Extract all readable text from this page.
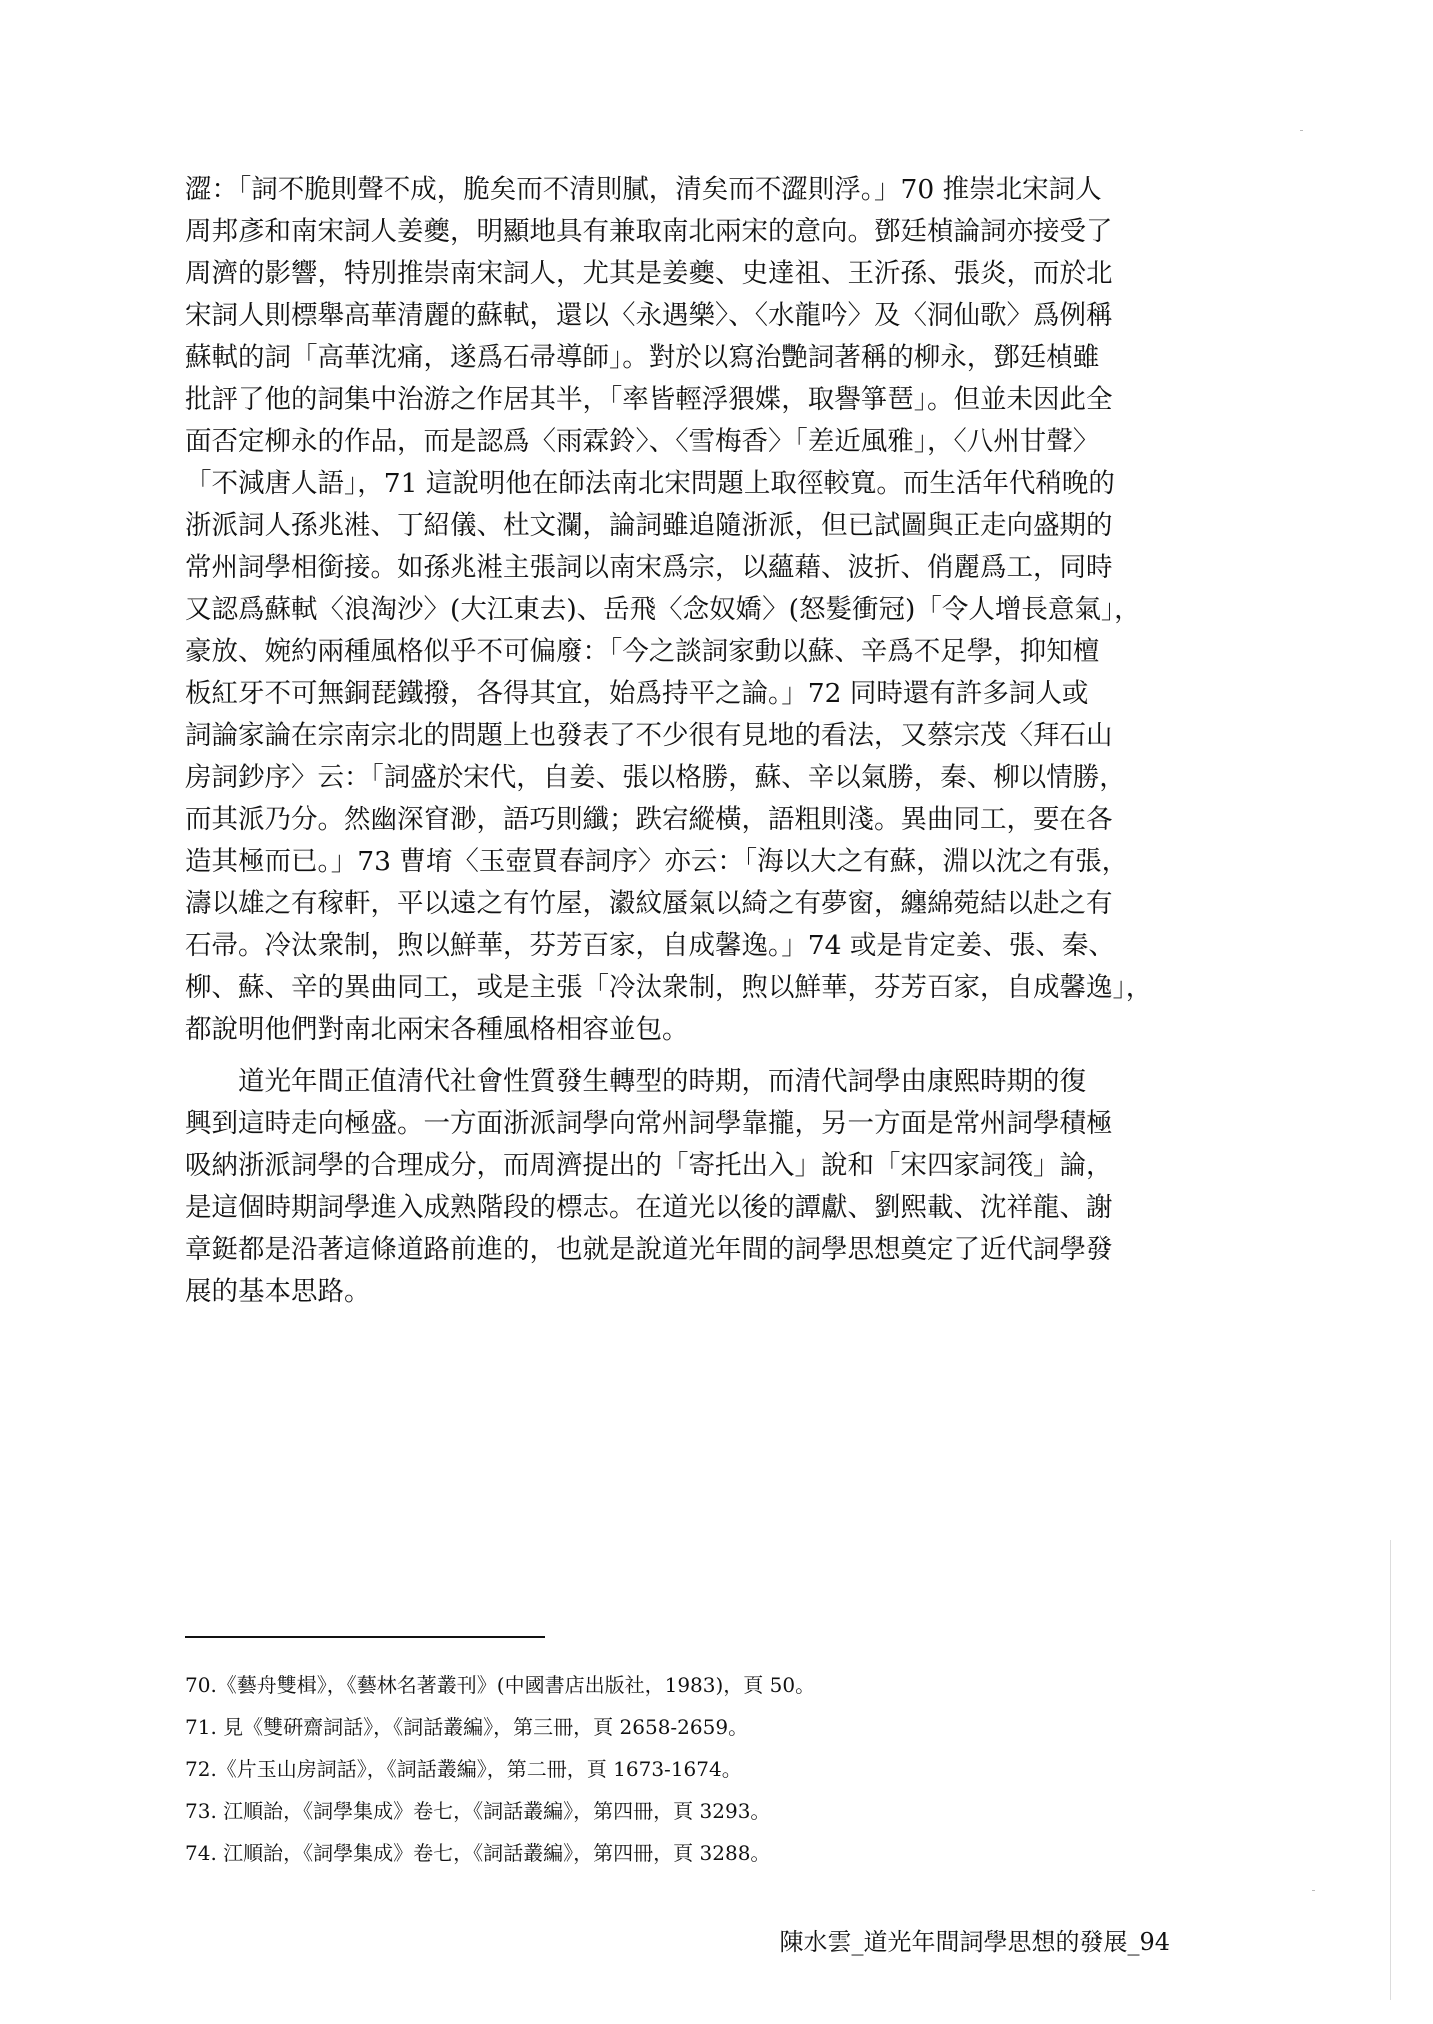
澀：「詞不脆則聲不成，脆矣而不清則膩，清矣而不澀則浮。」70 推崇北宋詞人
周邦彥和南宋詞人姜夔，明顯地具有兼取南北兩宋的意向。鄧廷楨論詞亦接受了
周濟的影響，特別推崇南宋詞人，尤其是姜夔、史達祖、王沂孫、張炎，而於北
宋詞人則標舉高華清麗的蘇軾，還以〈永遇樂〉、〈水龍吟〉及〈洞仙歌〉爲例稱
蘇軾的詞「高華沈痛，遂爲石帚導師」。對於以寫治艷詞著稱的柳永，鄧廷楨雖
批評了他的詞集中治游之作居其半，「率皆輕浮猥媟，取譽箏琶」。但並未因此全
面否定柳永的作品，而是認爲〈雨霖鈴〉、〈雪梅香〉「差近風雅」，〈八州甘聲〉
「不減唐人語」，71 這說明他在師法南北宋問題上取徑較寬。而生活年代稍晚的
浙派詞人孫兆溎、丁紹儀、杜文瀾，論詞雖追隨浙派，但已試圖與正走向盛期的
常州詞學相銜接。如孫兆溎主張詞以南宋爲宗，以蘊藉、波折、俏麗爲工，同時
又認爲蘇軾〈浪淘沙〉(大江東去)、岳飛〈念奴嬌〉(怒髮衝冠)「令人增長意氣」，
豪放、婉約兩種風格似乎不可偏廢：「今之談詞家動以蘇、辛爲不足學，抑知檀
板紅牙不可無銅琵鐵撥，各得其宜，始爲持平之論。」72 同時還有許多詞人或
詞論家論在宗南宗北的問題上也發表了不少很有見地的看法，又蔡宗茂〈拜石山
房詞鈔序〉云：「詞盛於宋代，自姜、張以格勝，蘇、辛以氣勝，秦、柳以情勝，
而其派乃分。然幽深窅渺，語巧則纖；跌宕縱橫，語粗則淺。異曲同工，要在各
造其極而已。」73 曹堉〈玉壺買春詞序〉亦云：「海以大之有蘇，淵以沈之有張，
濤以雄之有稼軒，平以遠之有竹屋，瀫紋蜃氣以綺之有夢窗，纏綿菀結以赴之有
石帚。冷汰衆制，煦以鮮華，芬芳百家，自成馨逸。」74 或是肯定姜、張、秦、
柳、蘇、辛的異曲同工，或是主張「冷汰衆制，煦以鮮華，芬芳百家，自成馨逸」，
都說明他們對南北兩宋各種風格相容並包。
　　道光年間正值清代社會性質發生轉型的時期，而清代詞學由康熙時期的復
興到這時走向極盛。一方面浙派詞學向常州詞學靠攏，另一方面是常州詞學積極
吸納浙派詞學的合理成分，而周濟提出的「寄托出入」說和「宋四家詞筏」論，
是這個時期詞學進入成熟階段的標志。在道光以後的譚獻、劉熙載、沈祥龍、謝
章鋌都是沿著這條道路前進的，也就是說道光年間的詞學思想奠定了近代詞學發
展的基本思路。
70.《藝舟雙楫》，《藝林名著叢刊》(中國書店出版社，1983)，頁 50。
71. 見《雙硏齋詞話》，《詞話叢編》，第三冊，頁 2658-2659。
72.《片玉山房詞話》，《詞話叢編》，第二冊，頁 1673-1674。
73. 江順詒，《詞學集成》卷七，《詞話叢編》，第四冊，頁 3293。
74. 江順詒，《詞學集成》卷七，《詞話叢編》，第四冊，頁 3288。
陳水雲_道光年間詞學思想的發展_94
